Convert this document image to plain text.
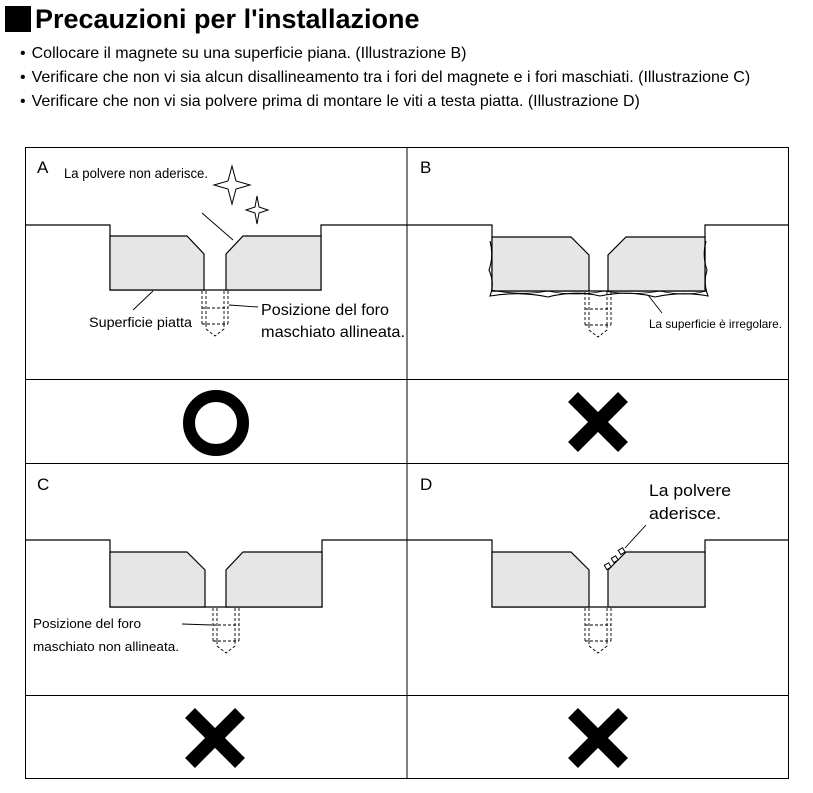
Precauzioni per l'installazione
• Collocare il magnete su una superficie piana. (Illustrazione B)
• Verificare che non vi sia alcun disallineamento tra i fori del magnete e i fori maschiati. (Illustrazione C)
• Verificare che non vi sia polvere prima di montare le viti a testa piatta. (Illustrazione D)
A La polvere non aderisce.
Superficie piatta
Posizione del foro
maschiato allineata.
B
La superficie è irregolare.
C
Posizione del foro
maschiato non allineata.
D	La polvere
aderisce.
